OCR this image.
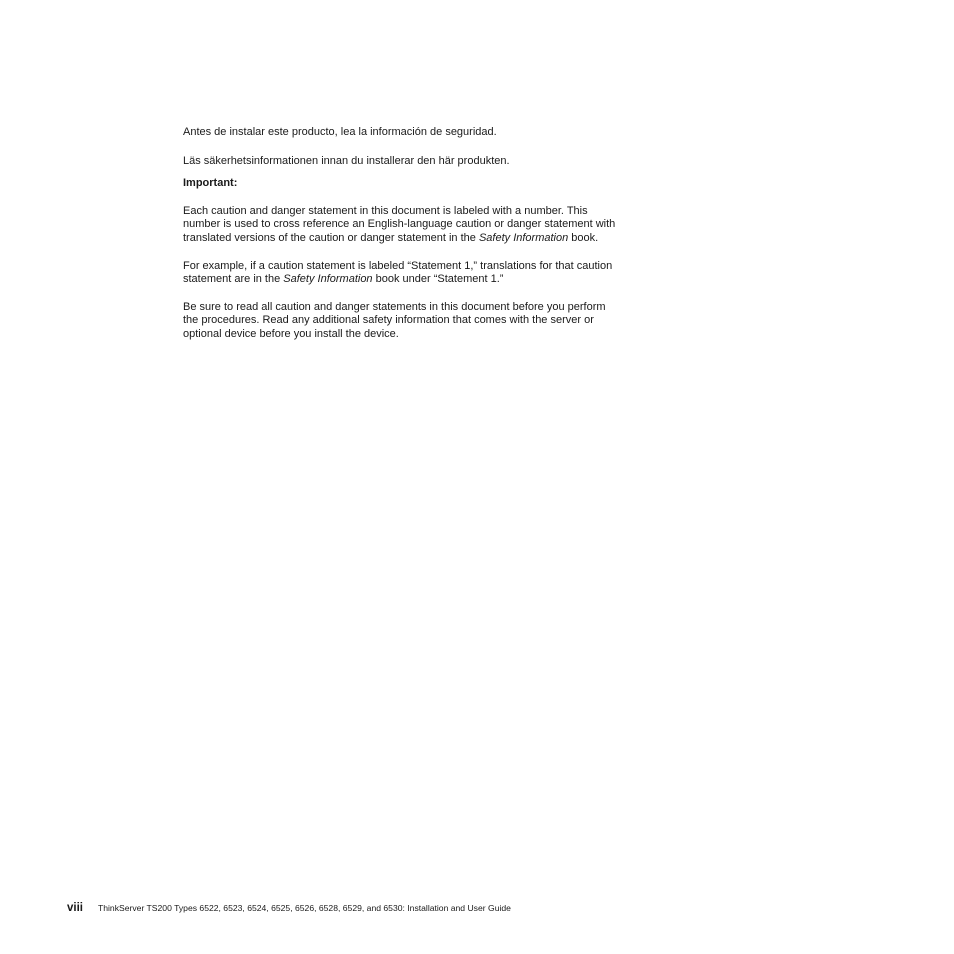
Antes de instalar este producto, lea la información de seguridad.

Läs säkerhetsinformationen innan du installerar den här produkten.

Important:

Each caution and danger statement in this document is labeled with a number. This number is used to cross reference an English-language caution or danger statement with translated versions of the caution or danger statement in the Safety Information book.

For example, if a caution statement is labeled “Statement 1,” translations for that caution statement are in the Safety Information book under “Statement 1.”

Be sure to read all caution and danger statements in this document before you perform the procedures. Read any additional safety information that comes with the server or optional device before you install the device.

viii ThinkServer TS200 Types 6522, 6523, 6524, 6525, 6526, 6528, 6529, and 6530: Installation and User Guide
